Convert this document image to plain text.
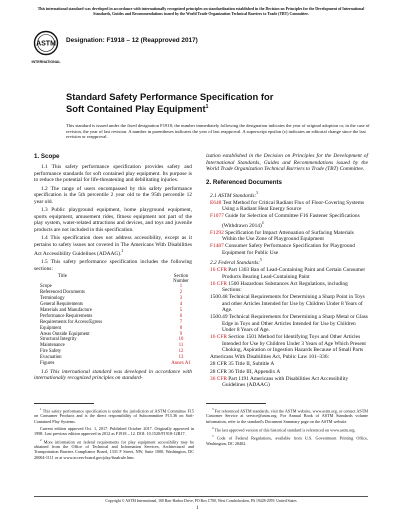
This international standard was developed in accordance with internationally recognized principles on standardization established in the Decision on Principles for the Development of International Standards, Guides and Recommendations issued by the World Trade Organization Technical Barriers to Trade (TBT) Committee.
ASTM
INTERNATIONAL
Designation: F1918 – 12 (Reapproved 2017)
Standard Safety Performance Specification for
Soft Contained Play Equipment$^1$
This standard is issued under the fixed designation F1918; the number immediately following the designation indicates the year of original adoption or, in the case of revision, the year of last revision. A number in parentheses indicates the year of last reapproval. A superscript epsilon (ε) indicates an editorial change since the last revision or reapproval.
1. Scope
1.1 This safety performance specification provides safety and performance standards for soft contained play equipment. Its purpose is to reduce the potential for life-threatening and debilitating injuries.
1.2 The range of users encompassed by this safety performance specification is the 5th percentile 2 year old to the 95th percentile 12 year old.
1.3 Public playground equipment, home playground equipment, sports equipment, amusement rides, fitness equipment not part of the play system, water-related attractions and devices, and toys and juvenile products are not included in this specification.
1.4 This specification does not address accessibility, except as it pertains to safety issues not covered in The Americans With Disabilities Act Accessibility Guidelines (ADAAG).$^2$
1.5 This safety performance specification includes the following sections:
Title	Section Number
Scope	1
Referenced Documents	2
Terminology	3
General Requirements	4
Materials and Manufacture	5
Performance Requirements	6
Requirements for Access/Egress	7
Equipment	8
Areas Outside Equipment	9
Structural Integrity	10
Maintenance	11
Fire Safety	12
Evacuation	13
Figures	Annex A1
1.6 This international standard was developed in accordance with internationally recognized principles on standard-
ization established in the Decision on Principles for the Development of International Standards, Guides and Recommendations issued by the World Trade Organization Technical Barriers to Trade (TBT) Committee.
2. Referenced Documents
2.1 ASTM Standards:$^3$
E648 Test Method for Critical Radiant Flux of Floor-Covering Systems Using a Radiant Heat Energy Source
F1077 Guide for Selection of Committee F16 Fastener Specifications (Withdrawn 2014)$^4$
F1292 Specification for Impact Attenuation of Surfacing Materials Within the Use Zone of Playground Equipment
F1487 Consumer Safety Performance Specification for Playground Equipment for Public Use
2.2 Federal Standards:$^5$
16 CFR Part 1303 Ban of Lead-Containing Paint and Certain Consumer Products Bearing Lead-Containing Paint
16 CFR 1500 Hazardous Substances Act Regulations, including Sections:
1500.48 Technical Requirements for Determining a Sharp Point in Toys and other Articles Intended for Use by Children Under 8 Years of Age.
1500.49 Technical Requirements for Determining a Sharp Metal or Glass Edge in Toys and Other Articles Intended for Use by Children Under 8 Years of Age.
16 CFR Section 1501 Method for Identifying Toys and Other Articles Intended for Use by Children Under 3 Years of Age Which Present Choking, Aspiration or Ingestion Hazards Because of Small Parts
Americans With Disabilities Act, Public Law 101–336:
28 CFR 35 Title II, Subtitle A
28 CFR 36 Title III, Appendix A
36 CFR Part 1191 Americans with Disabilities Act Accessibility Guidelines (ADAAG)
$^1$ This safety performance specification is under the jurisdiction of ASTM Committee F15 on Consumer Products and is the direct responsibility of Subcommittee F15.36 on Soft-Contained Play Systems.
Current edition approved Oct. 1, 2017. Published October 2017. Originally approved in 1998. Last previous edition approved in 2012 as F1918 – 12. DOI: 10.1520/F1918-12R17.
$^2$ More information on federal requirements for play equipment accessibility may be obtained from the Office of Technical and Information Services, Architectural and Transportation Barriers Compliance Board, 1331 F Street, NW, Suite 1000, Washington, DC 20004-1111 or at www.access-board.gov/play/finalrule.htm.
$^3$ For referenced ASTM standards, visit the ASTM website, www.astm.org, or contact ASTM Customer Service at service@astm.org. For Annual Book of ASTM Standards volume information, refer to the standard's Document Summary page on the ASTM website.
$^4$ The last approved version of this historical standard is referenced on www.astm.org.
$^5$ Code of Federal Regulations, available from U.S. Government Printing Office, Washington, DC 20402.
Copyright © ASTM International, 100 Barr Harbor Drive, PO Box C700, West Conshohocken, PA 19428-2959. United States
1
